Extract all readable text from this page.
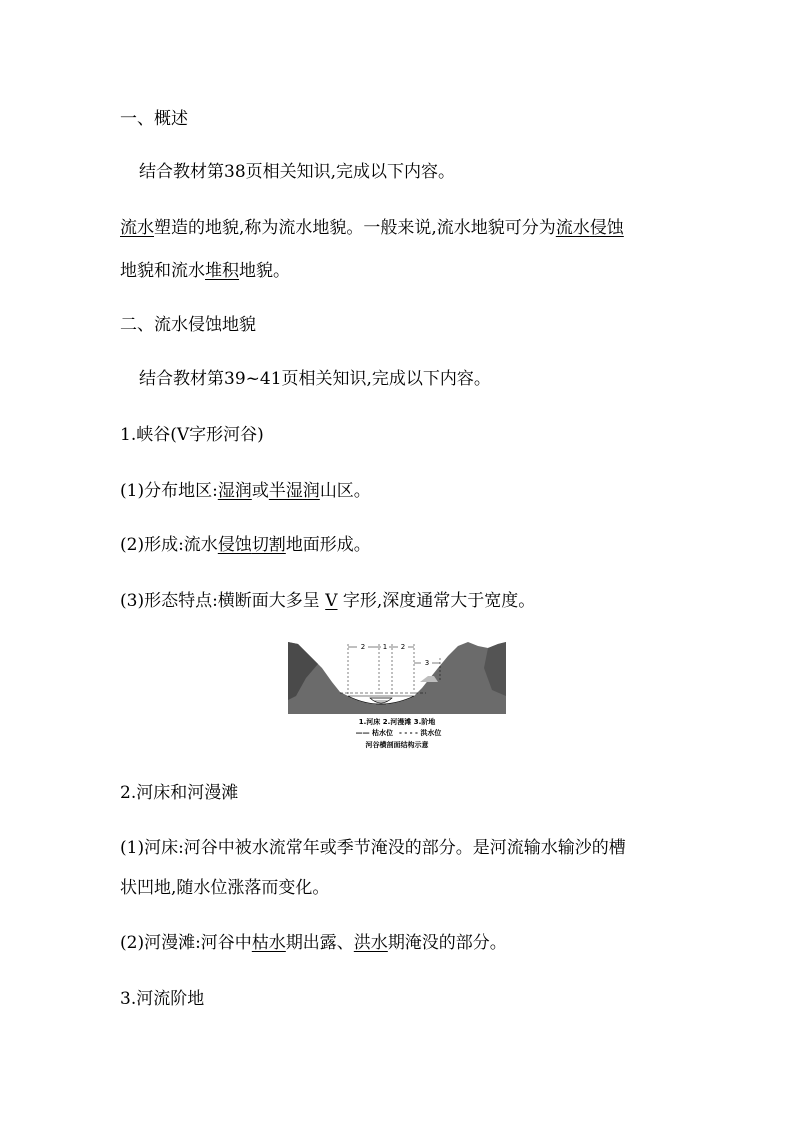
一、概述
结合教材第38页相关知识,完成以下内容。
流水塑造的地貌,称为流水地貌。一般来说,流水地貌可分为流水侵蚀
地貌和流水堆积地貌。
二、流水侵蚀地貌
结合教材第39~41页相关知识,完成以下内容。
1.峡谷(V字形河谷)
(1)分布地区:湿润或半湿润山区。
(2)形成:流水侵蚀切割地面形成。
(3)形态特点:横断面大多呈 V 字形,深度通常大于宽度。
2	1 2
3
1.河床 2.河漫滩 3.阶地
—— 枯水位 - - - - 洪水位
河谷横剖面结构示意
2.河床和河漫滩
(1)河床:河谷中被水流常年或季节淹没的部分。是河流输水输沙的槽
状凹地,随水位涨落而变化。
(2)河漫滩:河谷中枯水期出露、洪水期淹没的部分。
3.河流阶地
